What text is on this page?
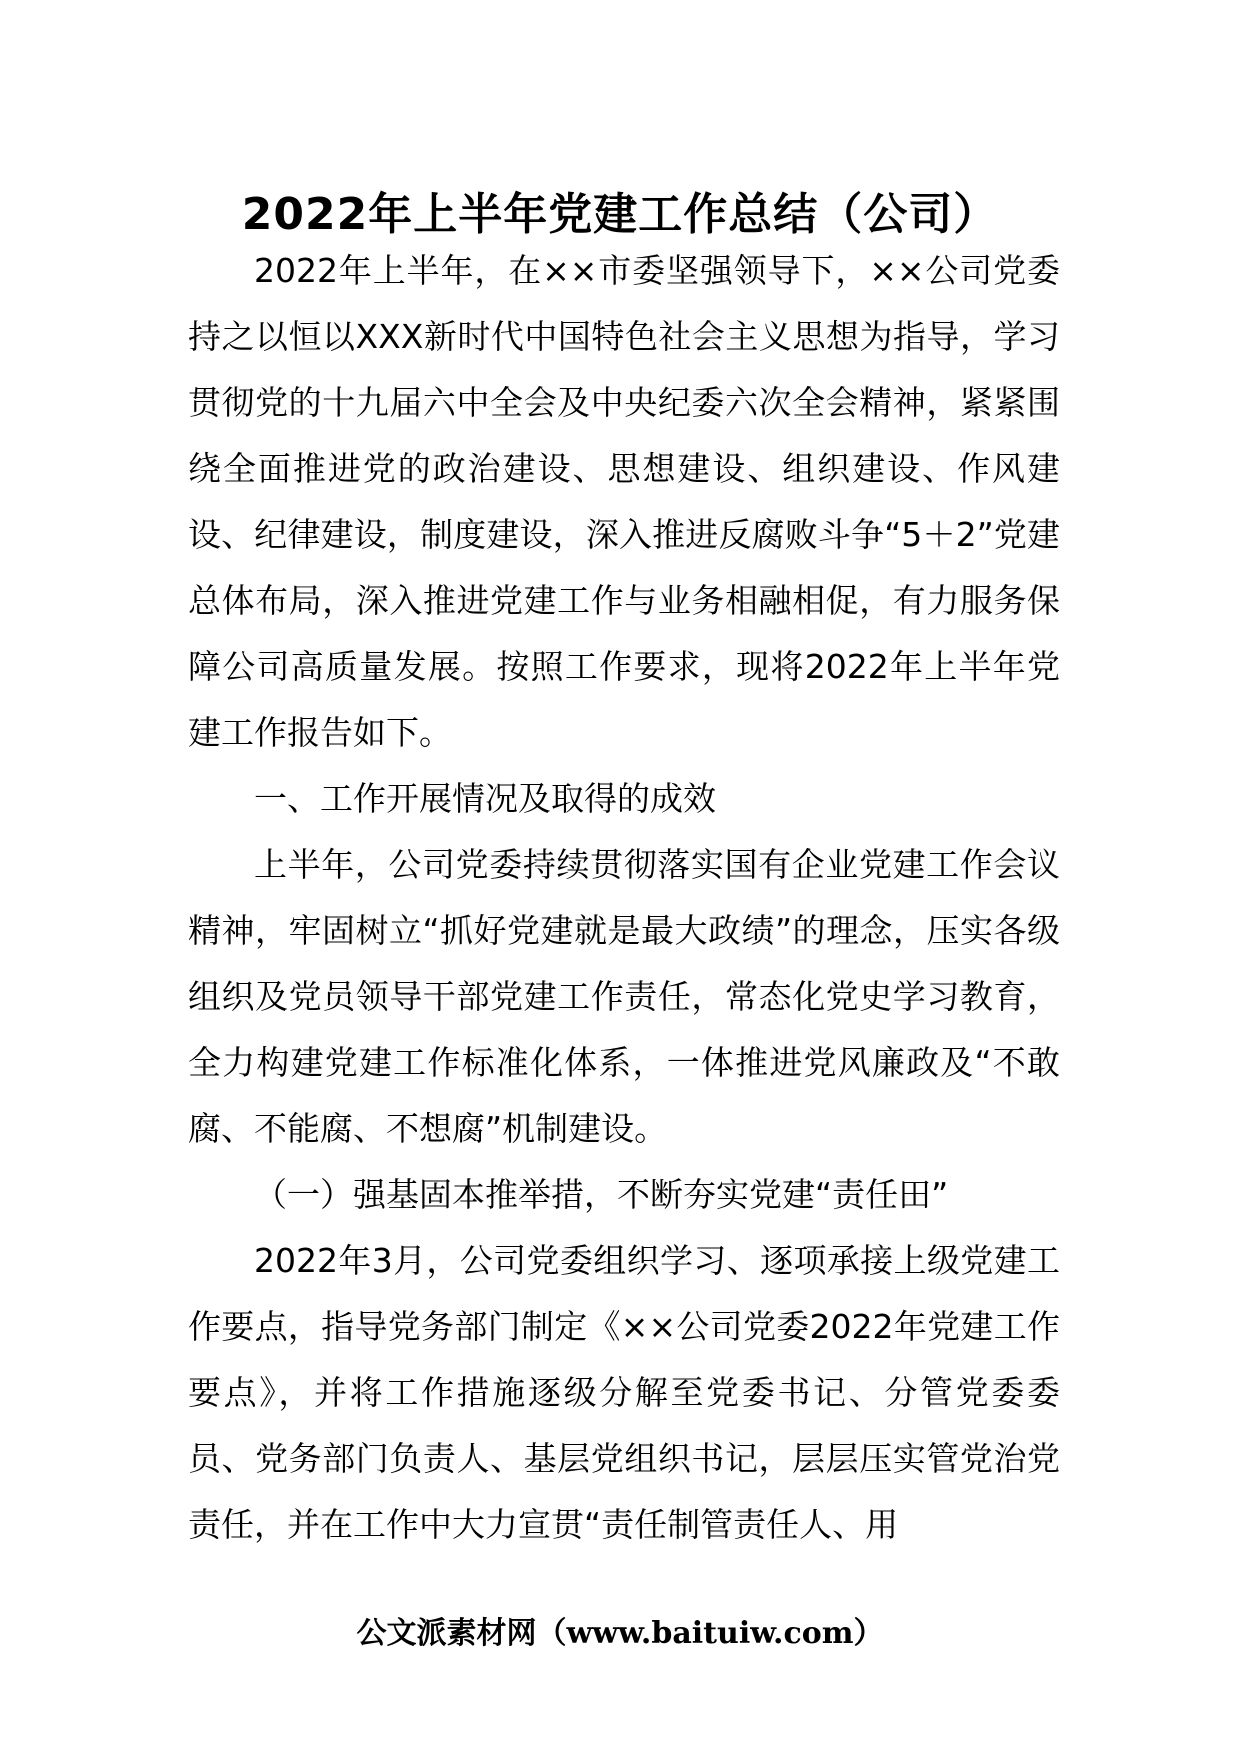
2022年上半年党建工作总结（公司）

2022年上半年，在××市委坚强领导下，××公司党委持之以恒以XXX新时代中国特色社会主义思想为指导，学习贯彻党的十九届六中全会及中央纪委六次全会精神，紧紧围绕全面推进党的政治建设、思想建设、组织建设、作风建设、纪律建设，制度建设，深入推进反腐败斗争“5＋2”党建总体布局，深入推进党建工作与业务相融相促，有力服务保障公司高质量发展。按照工作要求，现将2022年上半年党建工作报告如下。

一、工作开展情况及取得的成效

上半年，公司党委持续贯彻落实国有企业党建工作会议精神，牢固树立“抓好党建就是最大政绩”的理念，压实各级组织及党员领导干部党建工作责任，常态化党史学习教育，全力构建党建工作标准化体系，一体推进党风廉政及“不敢腐、不能腐、不想腐”机制建设。

（一）强基固本推举措，不断夯实党建“责任田”

2022年3月，公司党委组织学习、逐项承接上级党建工作要点，指导党务部门制定《××公司党委2022年党建工作要点》，并将工作措施逐级分解至党委书记、分管党委委员、党务部门负责人、基层党组织书记，层层压实管党治党责任，并在工作中大力宣贯“责任制管责任人、用

公文派素材网（www.baituiw.com）
